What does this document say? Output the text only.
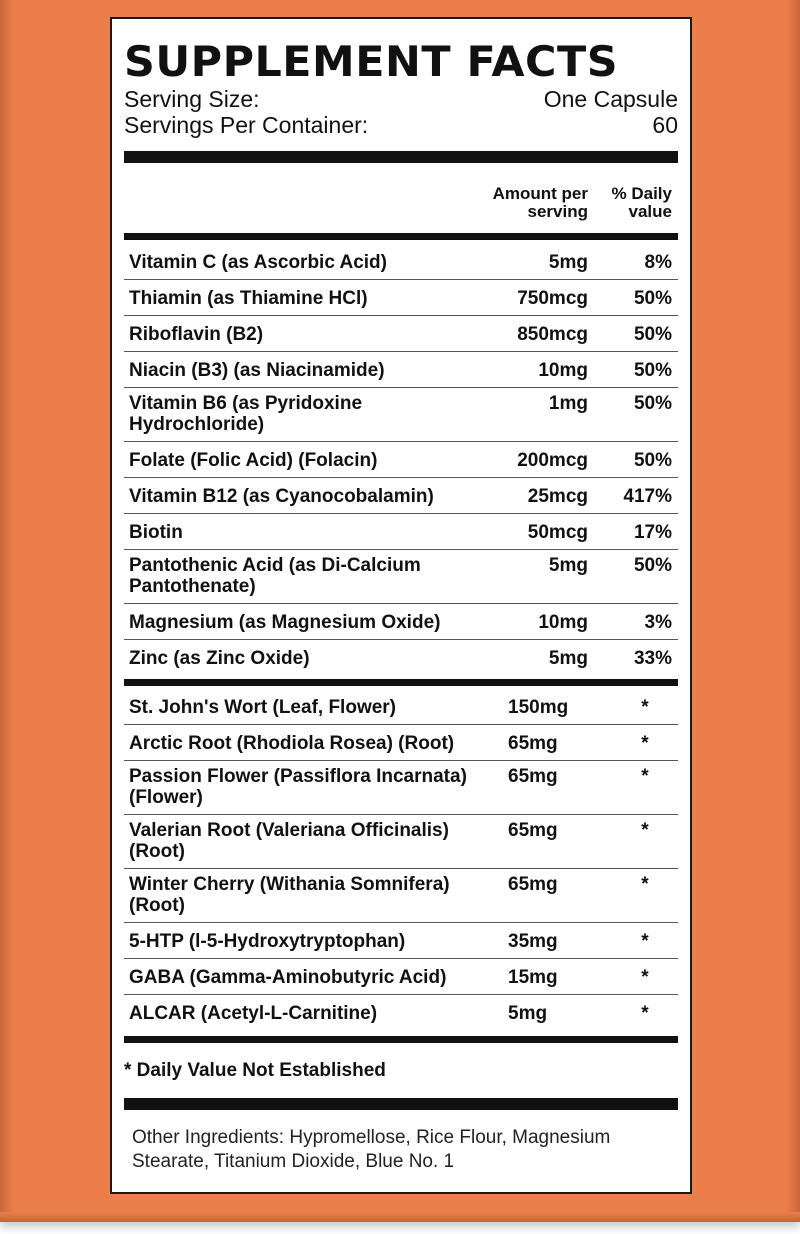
SUPPLEMENT FACTS
Serving Size:	One Capsule
Servings Per Container:	60
Amount per serving
% Daily value
Vitamin C (as Ascorbic Acid)	5mg	8%
Thiamin (as Thiamine HCl)	750mcg	50%
Riboflavin (B2)	850mcg	50%
Niacin (B3) (as Niacinamide)	10mg	50%
Vitamin B6 (as Pyridoxine Hydrochloride)
1mg	50%
Folate (Folic Acid) (Folacin)	200mcg	50%
Vitamin B12 (as Cyanocobalamin)	25mcg	417%
Biotin	50mcg	17%
Pantothenic Acid (as Di-Calcium Pantothenate)
5mg	50%
Magnesium (as Magnesium Oxide)	10mg	3%
Zinc (as Zinc Oxide)	5mg	33%
St. John's Wort (Leaf, Flower)	150mg	*
Arctic Root (Rhodiola Rosea) (Root)	65mg	*
Passion Flower (Passiflora Incarnata) (Flower)
65mg	*
Valerian Root (Valeriana Officinalis) (Root)
65mg	*
Winter Cherry (Withania Somnifera) (Root)
65mg	*
5-HTP (l-5-Hydroxytryptophan)	35mg	*
GABA (Gamma-Aminobutyric Acid)	15mg	*
ALCAR (Acetyl-L-Carnitine)	5mg	*
* Daily Value Not Established
Other Ingredients: Hypromellose, Rice Flour, Magnesium Stearate, Titanium Dioxide, Blue No. 1
